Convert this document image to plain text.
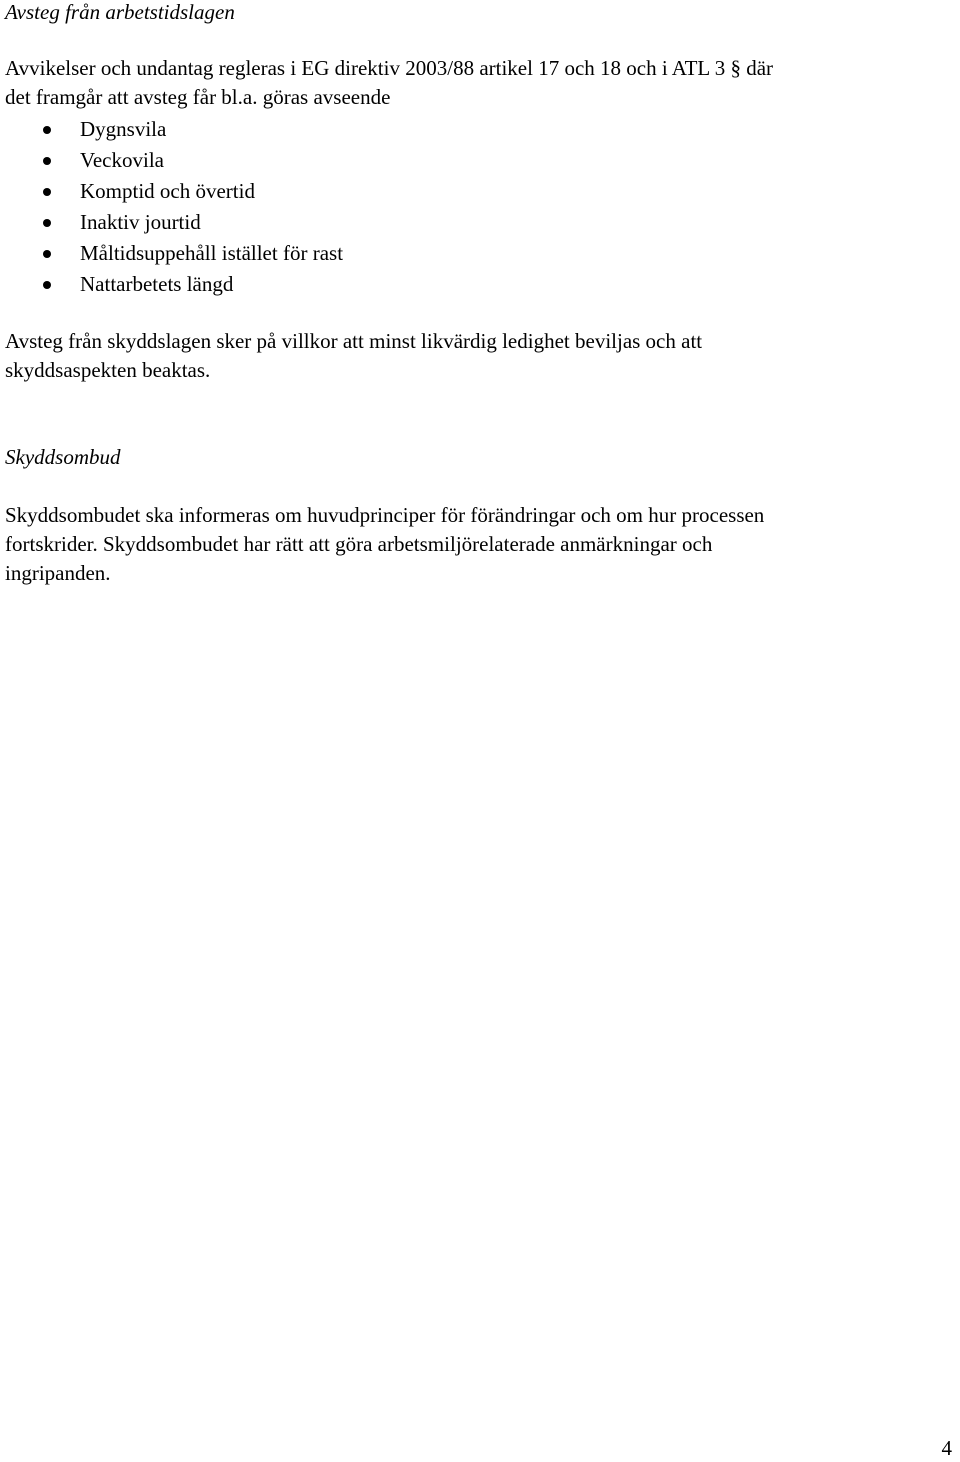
Avsteg från arbetstidslagen

Avvikelser och undantag regleras i EG direktiv 2003/88 artikel 17 och 18 och i ATL 3 § där
det framgår att avsteg får bl.a. göras avseende

Dygnsvila
Veckovila
Komptid och övertid
Inaktiv jourtid
Måltidsuppehåll istället för rast
Nattarbetets längd

Avsteg från skyddslagen sker på villkor att minst likvärdig ledighet beviljas och att
skyddsaspekten beaktas.

Skyddsombud

Skyddsombudet ska informeras om huvudprinciper för förändringar och om hur processen
fortskrider. Skyddsombudet har rätt att göra arbetsmiljörelaterade anmärkningar och
ingripanden.

4
